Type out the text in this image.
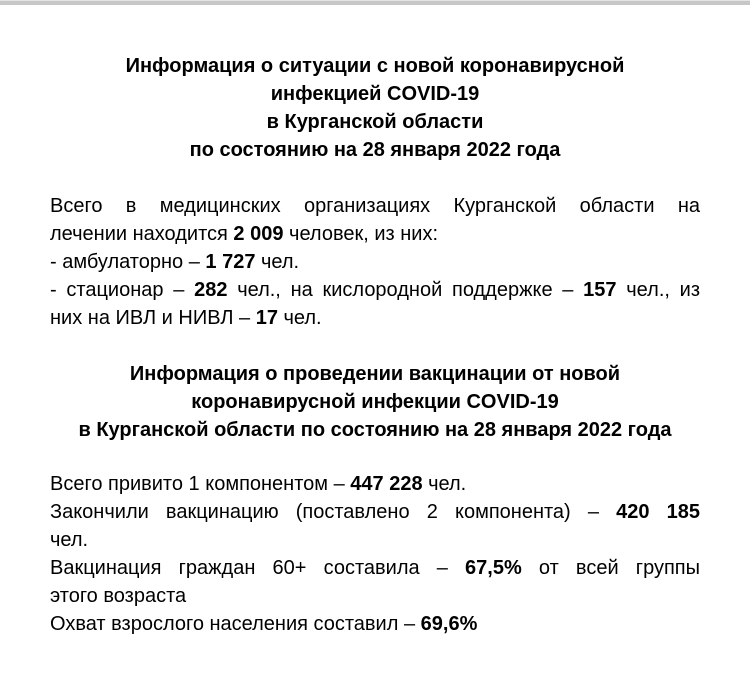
Информация о ситуации с новой коронавирусной
инфекцией COVID-19
в Курганской области
по состоянию на 28 января 2022 года
Всего в медицинских организациях Курганской области на
лечении находится 2 009 человек, из них:
- амбулаторно – 1 727 чел.
- стационар – 282 чел., на кислородной поддержке – 157 чел., из
них на ИВЛ и НИВЛ – 17 чел.
Информация о проведении вакцинации от новой
коронавирусной инфекции COVID-19
в Курганской области по состоянию на 28 января 2022 года
Всего привито 1 компонентом – 447 228 чел.
Закончили вакцинацию (поставлено 2 компонента) – 420 185
чел.
Вакцинация граждан 60+ составила – 67,5% от всей группы
этого возраста
Охват взрослого населения составил – 69,6%
